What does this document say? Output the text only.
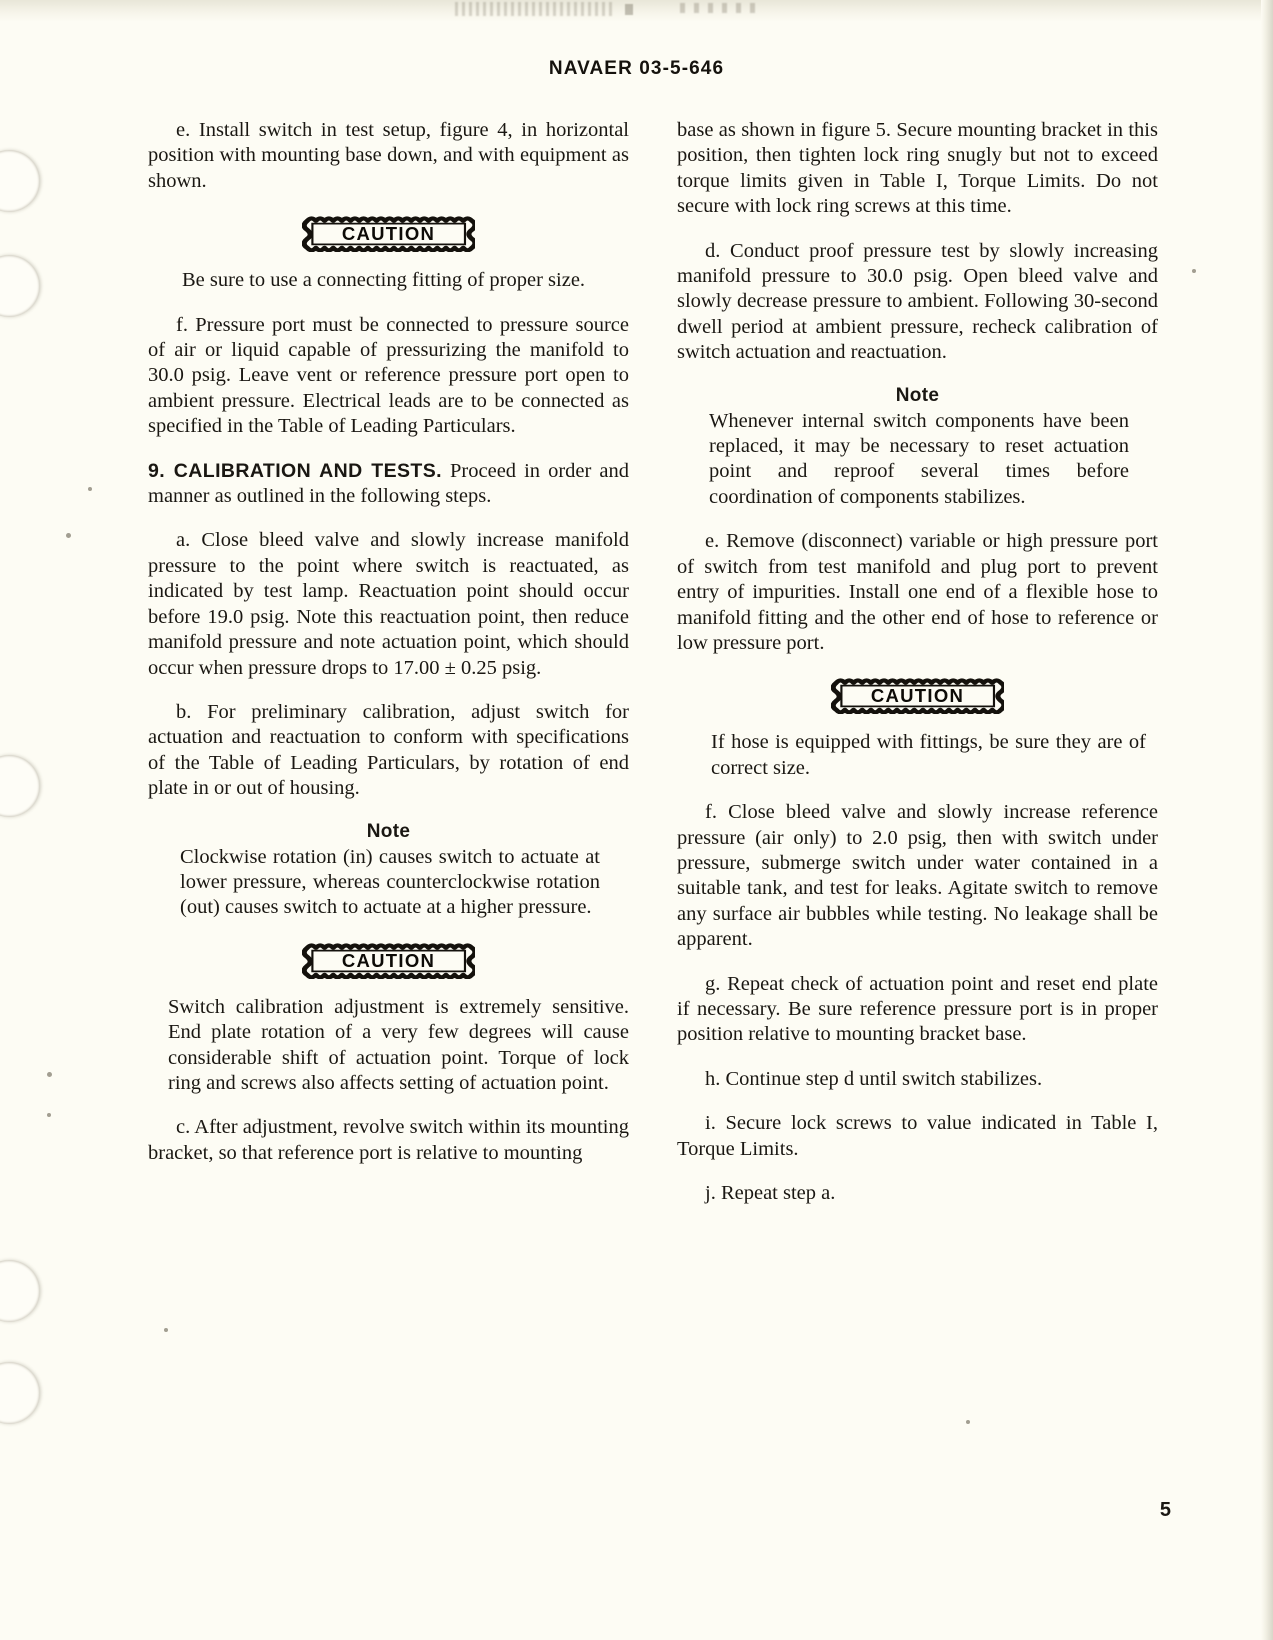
NAVAER 03-5-646

e. Install switch in test setup, figure 4, in horizontal position with mounting base down, and with equipment as shown.

CAUTION

Be sure to use a connecting fitting of proper size.

f. Pressure port must be connected to pressure source of air or liquid capable of pressurizing the manifold to 30.0 psig. Leave vent or reference pressure port open to ambient pressure. Electrical leads are to be connected as specified in the Table of Leading Particulars.

9. CALIBRATION AND TESTS. Proceed in order and manner as outlined in the following steps.

a. Close bleed valve and slowly increase manifold pressure to the point where switch is reactuated, as indicated by test lamp. Reactuation point should occur before 19.0 psig. Note this reactuation point, then reduce manifold pressure and note actuation point, which should occur when pressure drops to 17.00 ± 0.25 psig.

b. For preliminary calibration, adjust switch for actuation and reactuation to conform with specifications of the Table of Leading Particulars, by rotation of end plate in or out of housing.

Note

Clockwise rotation (in) causes switch to actuate at lower pressure, whereas counterclockwise rotation (out) causes switch to actuate at a higher pressure.

CAUTION

Switch calibration adjustment is extremely sensitive. End plate rotation of a very few degrees will cause considerable shift of actuation point. Torque of lock ring and screws also affects setting of actuation point.

c. After adjustment, revolve switch within its mounting bracket, so that reference port is relative to mounting

base as shown in figure 5. Secure mounting bracket in this position, then tighten lock ring snugly but not to exceed torque limits given in Table I, Torque Limits. Do not secure with lock ring screws at this time.

d. Conduct proof pressure test by slowly increasing manifold pressure to 30.0 psig. Open bleed valve and slowly decrease pressure to ambient. Following 30-second dwell period at ambient pressure, recheck calibration of switch actuation and reactuation.

Note

Whenever internal switch components have been replaced, it may be necessary to reset actuation point and reproof several times before coordination of components stabilizes.

e. Remove (disconnect) variable or high pressure port of switch from test manifold and plug port to prevent entry of impurities. Install one end of a flexible hose to manifold fitting and the other end of hose to reference or low pressure port.

CAUTION

If hose is equipped with fittings, be sure they are of correct size.

f. Close bleed valve and slowly increase reference pressure (air only) to 2.0 psig, then with switch under pressure, submerge switch under water contained in a suitable tank, and test for leaks. Agitate switch to remove any surface air bubbles while testing. No leakage shall be apparent.

g. Repeat check of actuation point and reset end plate if necessary. Be sure reference pressure port is in proper position relative to mounting bracket base.

h. Continue step d until switch stabilizes.

i. Secure lock screws to value indicated in Table I, Torque Limits.

j. Repeat step a.

5
